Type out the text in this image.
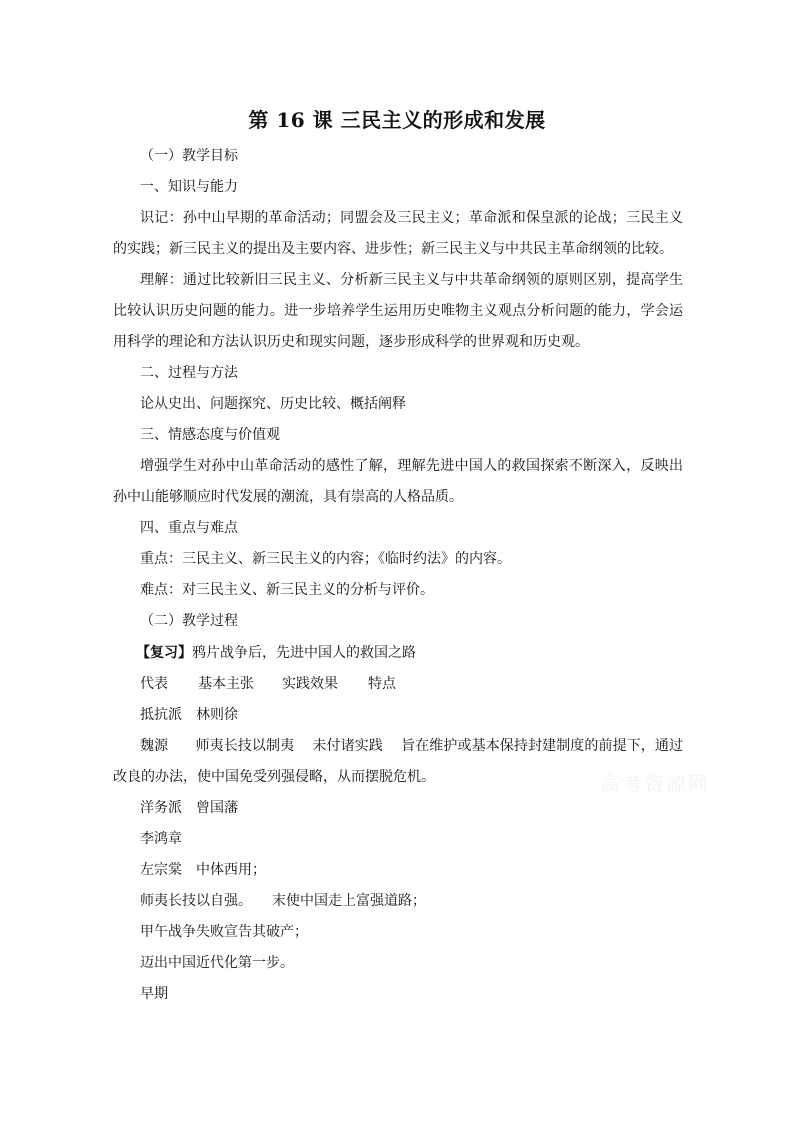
第 16 课 三民主义的形成和发展
（一）教学目标
一、知识与能力
识记：孙中山早期的革命活动；同盟会及三民主义；革命派和保皇派的论战；三民主义的实践；新三民主义的提出及主要内容、进步性；新三民主义与中共民主革命纲领的比较。
理解：通过比较新旧三民主义、分析新三民主义与中共革命纲领的原则区别，提高学生比较认识历史问题的能力。进一步培养学生运用历史唯物主义观点分析问题的能力，学会运用科学的理论和方法认识历史和现实问题，逐步形成科学的世界观和历史观。
二、过程与方法
论从史出、问题探究、历史比较、概括阐释
三、情感态度与价值观
增强学生对孙中山革命活动的感性了解，理解先进中国人的救国探索不断深入，反映出孙中山能够顺应时代发展的潮流，具有崇高的人格品质。
四、重点与难点
重点：三民主义、新三民主义的内容；《临时约法》的内容。
难点：对三民主义、新三民主义的分析与评价。
（二）教学过程
【复习】鸦片战争后，先进中国人的救国之路
代表 基本主张 实践效果 特点
抵抗派 林则徐
魏源      师夷长技以制夷    未付诸实践    旨在维护或基本保持封建制度的前提下，通过改良的办法，使中国免受列强侵略，从而摆脱危机。	高考资源网
洋务派 曾国藩
李鸿章
左宗棠 中体西用；
师夷长技以自强。 末使中国走上富强道路；
甲午战争失败宣告其破产；
迈出中国近代化第一步。
早期
